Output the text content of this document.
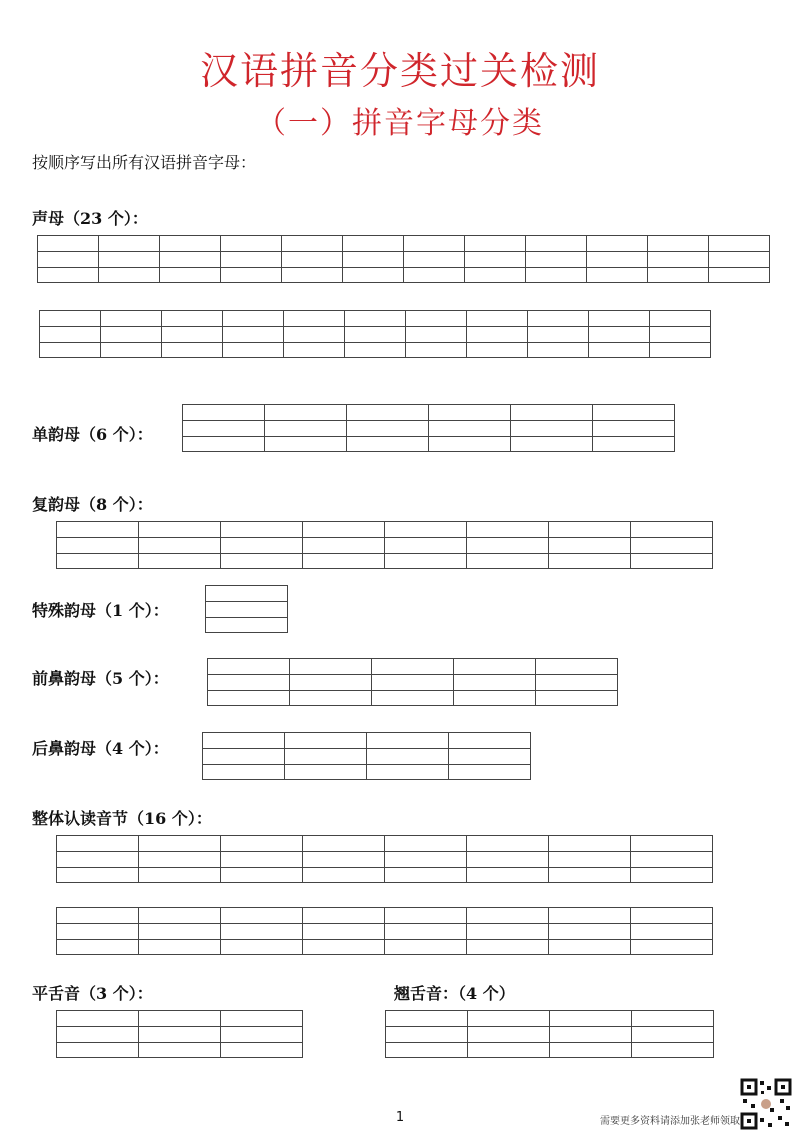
汉语拼音分类过关检测
（一）拼音字母分类
按顺序写出所有汉语拼音字母：
声母（23 个）：
单韵母（6 个）：
复韵母（8 个）：
特殊韵母（1 个）：
前鼻韵母（5 个）：
后鼻韵母（4 个）：
整体认读音节（16 个）：
平舌音（3 个）：	翘舌音：（4 个）
1	需要更多资料请添加张老师领取
